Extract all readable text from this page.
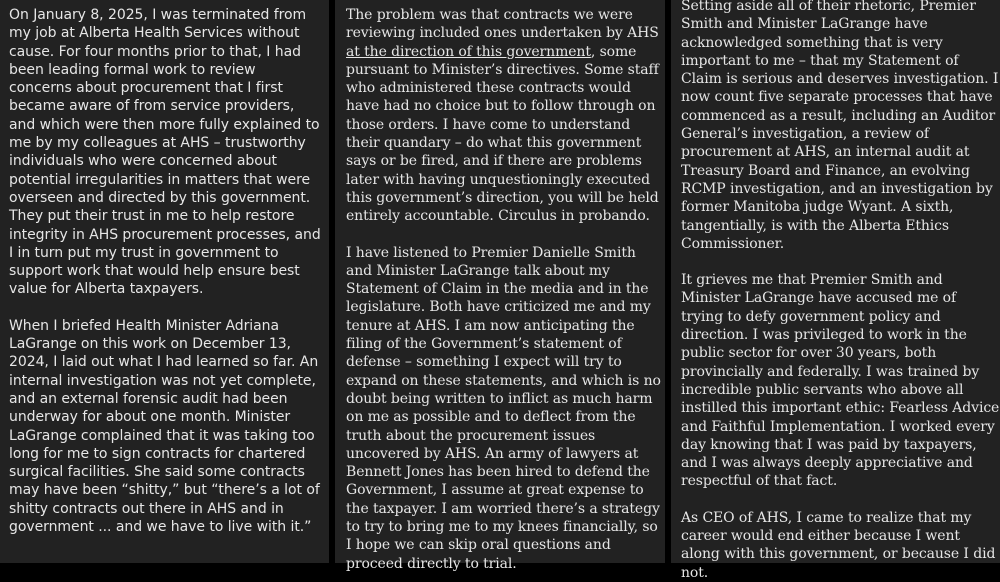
On January 8, 2025, I was terminated from
my job at Alberta Health Services without
cause. For four months prior to that, I had
been leading formal work to review
concerns about procurement that I first
became aware of from service providers,
and which were then more fully explained to
me by my colleagues at AHS – trustworthy
individuals who were concerned about
potential irregularities in matters that were
overseen and directed by this government.
They put their trust in me to help restore
integrity in AHS procurement processes, and
I in turn put my trust in government to
support work that would help ensure best
value for Alberta taxpayers.

When I briefed Health Minister Adriana
LaGrange on this work on December 13,
2024, I laid out what I had learned so far. An
internal investigation was not yet complete,
and an external forensic audit had been
underway for about one month. Minister
LaGrange complained that it was taking too
long for me to sign contracts for chartered
surgical facilities. She said some contracts
may have been “shitty,” but “there’s a lot of
shitty contracts out there in AHS and in
government ... and we have to live with it.”

The problem was that contracts we were
reviewing included ones undertaken by AHS
at the direction of this government, some
pursuant to Minister’s directives. Some staff
who administered these contracts would
have had no choice but to follow through on
those orders. I have come to understand
their quandary – do what this government
says or be fired, and if there are problems
later with having unquestioningly executed
this government’s direction, you will be held
entirely accountable. Circulus in probando.

I have listened to Premier Danielle Smith
and Minister LaGrange talk about my
Statement of Claim in the media and in the
legislature. Both have criticized me and my
tenure at AHS. I am now anticipating the
filing of the Government’s statement of
defense – something I expect will try to
expand on these statements, and which is no
doubt being written to inflict as much harm
on me as possible and to deflect from the
truth about the procurement issues
uncovered by AHS. An army of lawyers at
Bennett Jones has been hired to defend the
Government, I assume at great expense to
the taxpayer. I am worried there’s a strategy
to try to bring me to my knees financially, so
I hope we can skip oral questions and
proceed directly to trial.

Setting aside all of their rhetoric, Premier
Smith and Minister LaGrange have
acknowledged something that is very
important to me – that my Statement of
Claim is serious and deserves investigation. I
now count five separate processes that have
commenced as a result, including an Auditor
General’s investigation, a review of
procurement at AHS, an internal audit at
Treasury Board and Finance, an evolving
RCMP investigation, and an investigation by
former Manitoba judge Wyant. A sixth,
tangentially, is with the Alberta Ethics
Commissioner.

It grieves me that Premier Smith and
Minister LaGrange have accused me of
trying to defy government policy and
direction. I was privileged to work in the
public sector for over 30 years, both
provincially and federally. I was trained by
incredible public servants who above all
instilled this important ethic: Fearless Advice
and Faithful Implementation. I worked every
day knowing that I was paid by taxpayers,
and I was always deeply appreciative and
respectful of that fact.

As CEO of AHS, I came to realize that my
career would end either because I went
along with this government, or because I did
not.
